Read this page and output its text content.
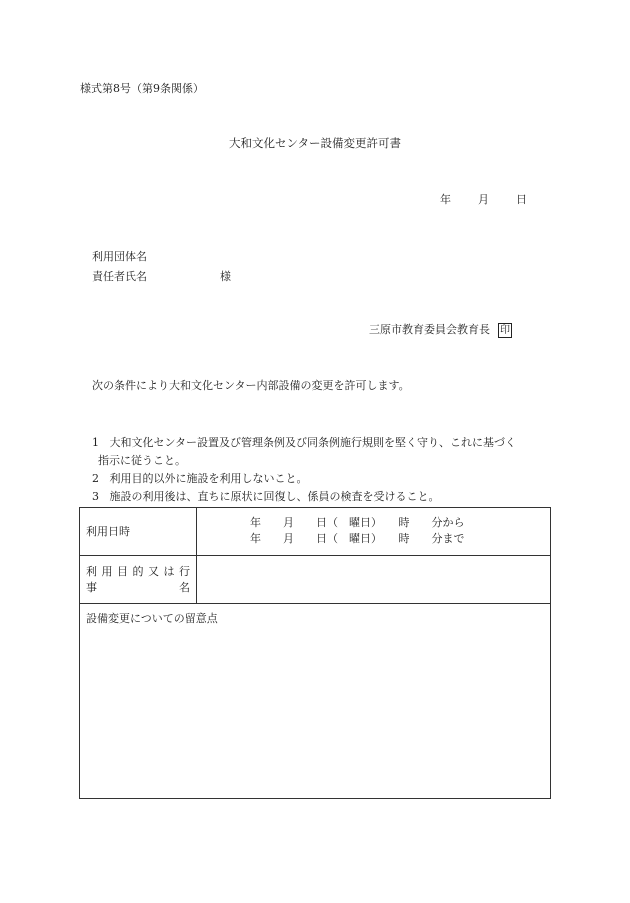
様式第8号（第9条関係）
大和文化センター設備変更許可書
年 月 日
利用団体名
責任者氏名	様
三原市教育委員会教育長 印
次の条件により大和文化センター内部設備の変更を許可します。
1 大和文化センター設置及び管理条例及び同条例施行規則を堅く守り、これに基づく
指示に従うこと。
2 利用目的以外に施設を利用しないこと。
3 施設の利用後は、直ちに原状に回復し、係員の検査を受けること。
利用日時
年　　月　　日（　曜日）　　時　　分から
年　　月　　日（　曜日）　　時　　分まで
利用目的又は行
事	名
設備変更についての留意点
